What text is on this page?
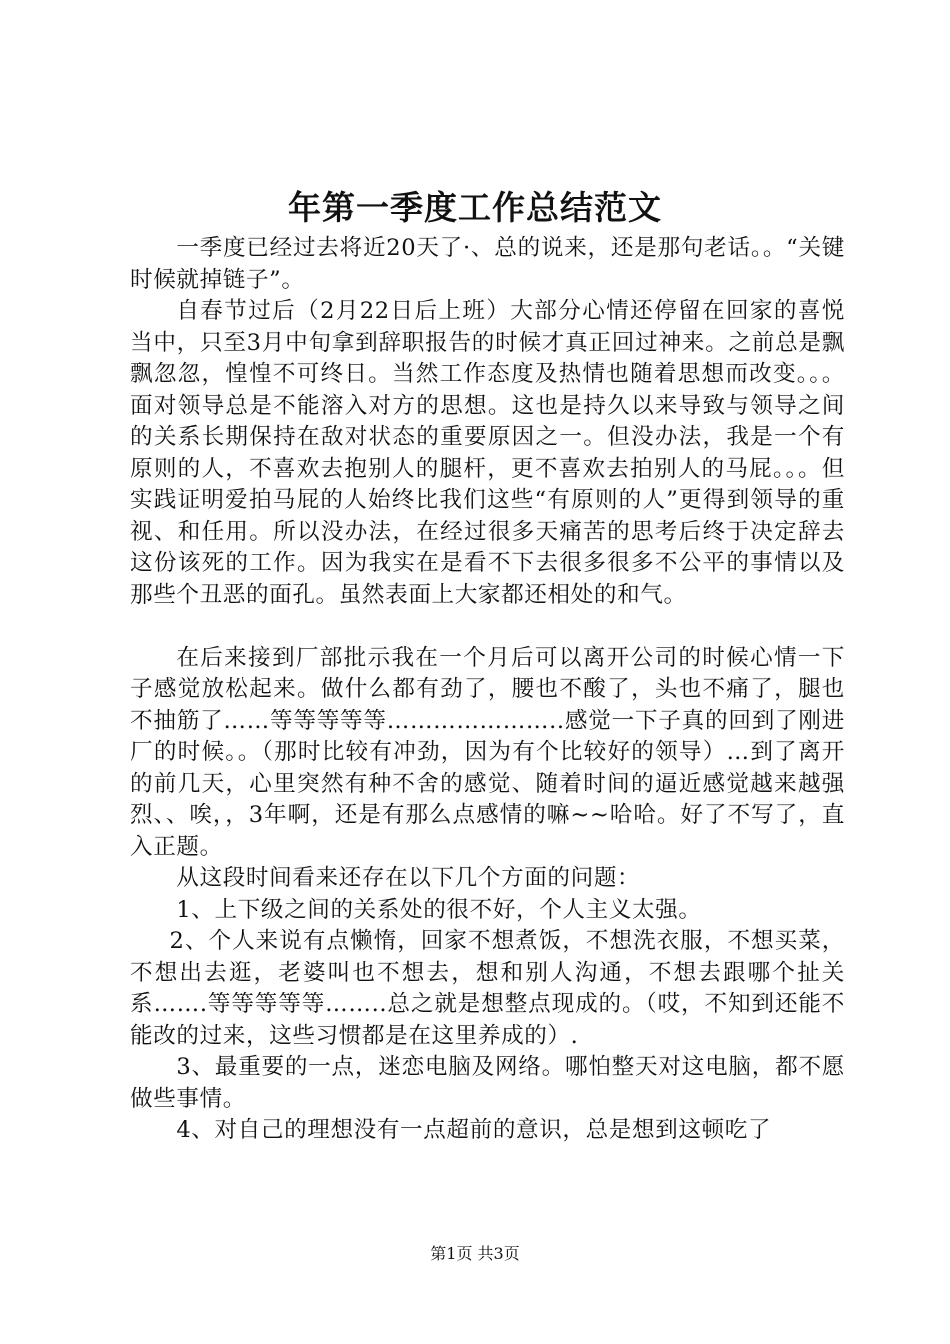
年第一季度工作总结范文

一季度已经过去将近20天了·、总的说来，还是那句老话。。“关键时候就掉链子”。

自春节过后（2月22日后上班）大部分心情还停留在回家的喜悦当中，只至3月中旬拿到辞职报告的时候才真正回过神来。之前总是飘飘忽忽，惶惶不可终日。当然工作态度及热情也随着思想而改变。。。面对领导总是不能溶入对方的思想。这也是持久以来导致与领导之间的关系长期保持在敌对状态的重要原因之一。但没办法，我是一个有原则的人，不喜欢去抱别人的腿杆，更不喜欢去拍别人的马屁。。。但实践证明爱拍马屁的人始终比我们这些“有原则的人”更得到领导的重视、和任用。所以没办法，在经过很多天痛苦的思考后终于决定辞去这份该死的工作。因为我实在是看不下去很多很多不公平的事情以及那些个丑恶的面孔。虽然表面上大家都还相处的和气。

在后来接到厂部批示我在一个月后可以离开公司的时候心情一下子感觉放松起来。做什么都有劲了，腰也不酸了，头也不痛了，腿也不抽筋了……等等等等等…………………..感觉一下子真的回到了刚进厂的时候。。（那时比较有冲劲，因为有个比较好的领导）…到了离开的前几天，心里突然有种不舍的感觉、随着时间的逼近感觉越来越强烈、、唉，，3年啊，还是有那么点感情的嘛~~哈哈。好了不写了，直入正题。

从这段时间看来还存在以下几个方面的问题：

1、上下级之间的关系处的很不好，个人主义太强。

2、个人来说有点懒惰，回家不想煮饭，不想洗衣服，不想买菜，不想出去逛，老婆叫也不想去，想和别人沟通，不想去跟哪个扯关系…….等等等等等……..总之就是想整点现成的。（哎，不知到还能不能改的过来，这些习惯都是在这里养成的）.

3、最重要的一点，迷恋电脑及网络。哪怕整天对这电脑，都不愿做些事情。

4、对自己的理想没有一点超前的意识，总是想到这顿吃了

第1页 共3页
